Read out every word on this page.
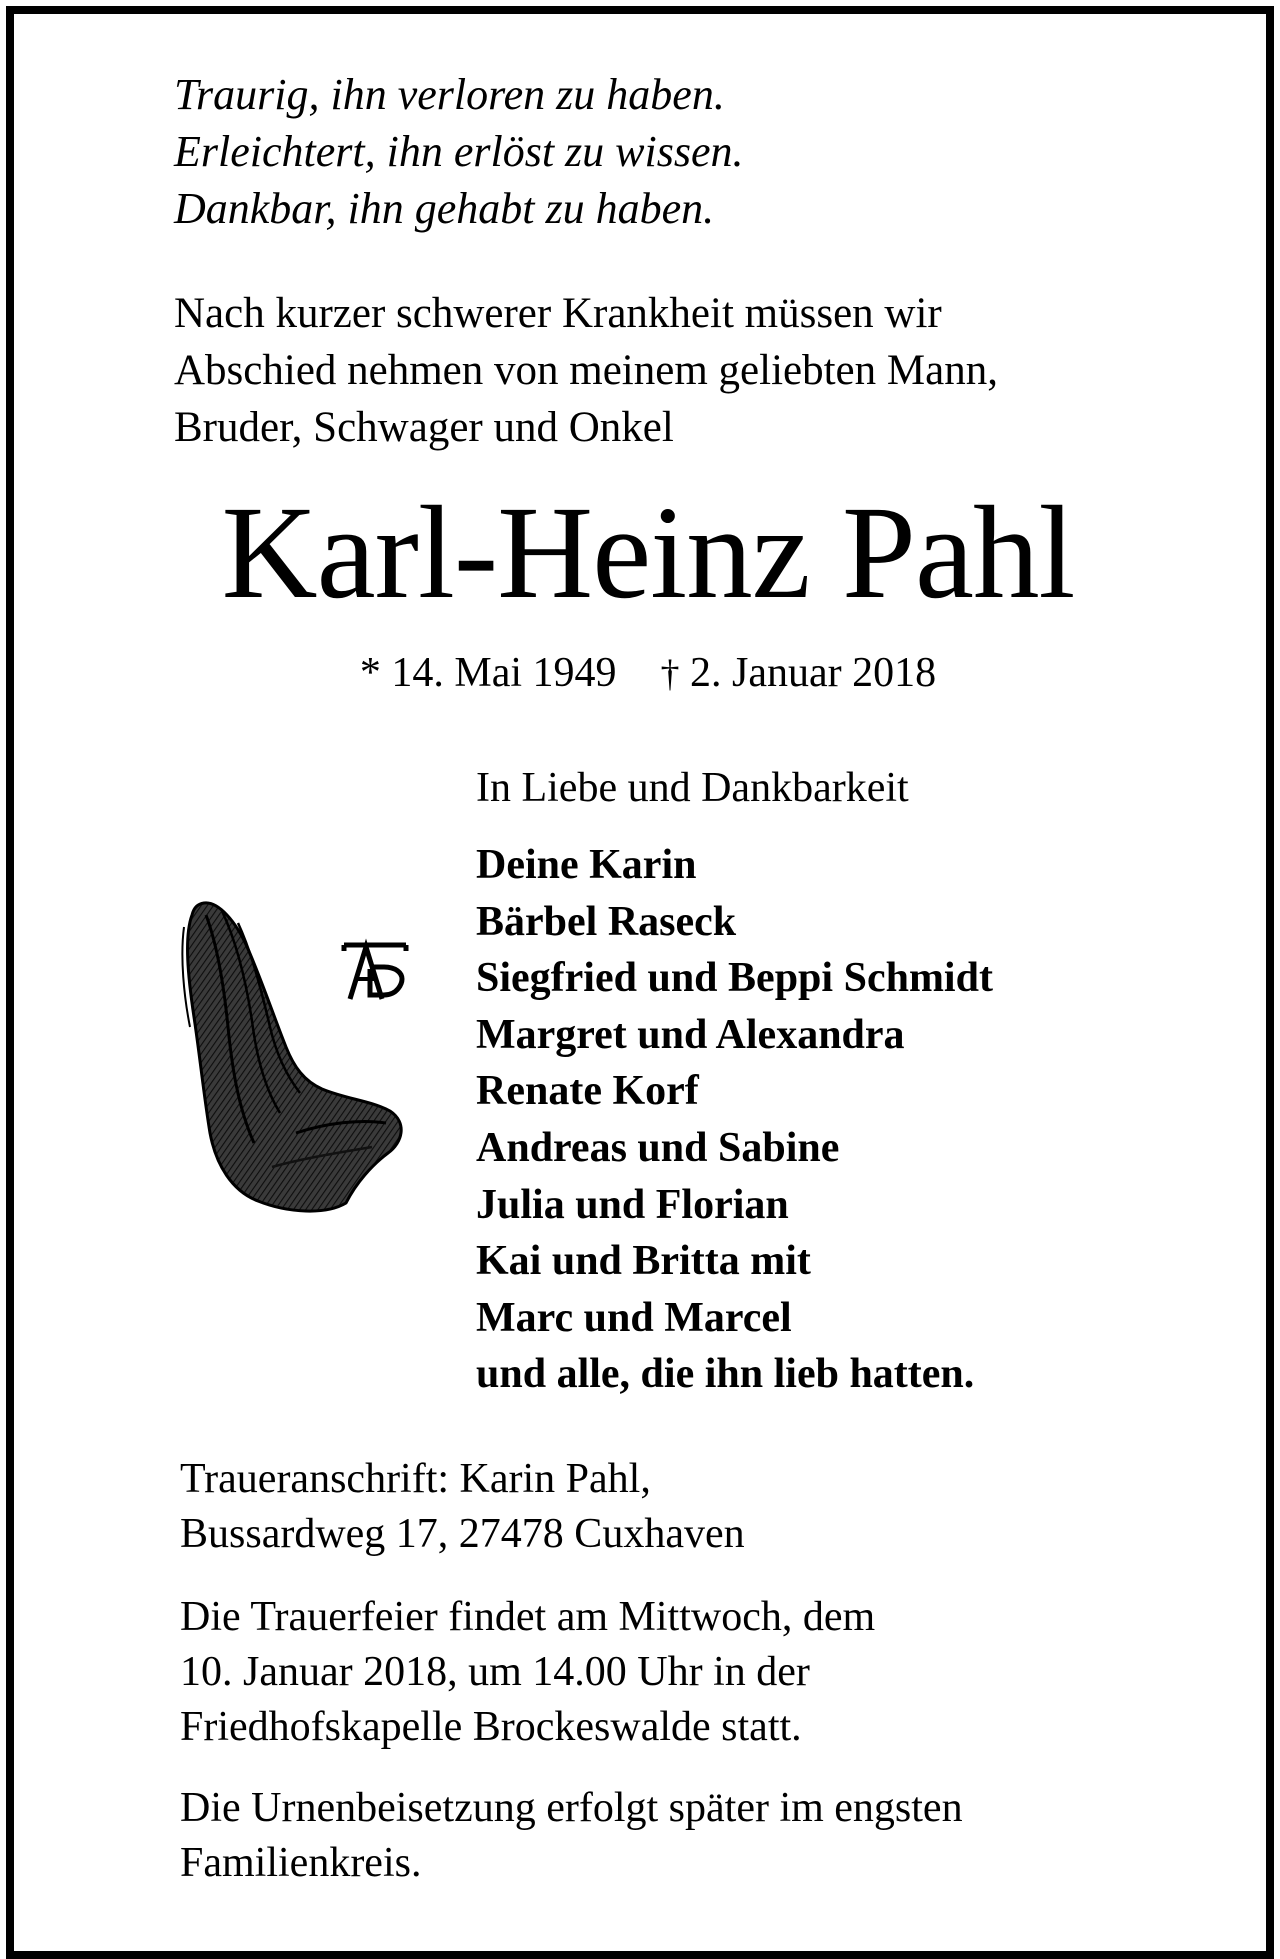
Traurig, ihn verloren zu haben.
Erleichtert, ihn erlöst zu wissen.
Dankbar, ihn gehabt zu haben.
Nach kurzer schwerer Krankheit müssen wir
Abschied nehmen von meinem geliebten Mann,
Bruder, Schwager und Onkel
Karl-Heinz Pahl
* 14. Mai 1949 † 2. Januar 2018
In Liebe und Dankbarkeit
Deine Karin
Bärbel Raseck
Siegfried und Beppi Schmidt
Margret und Alexandra
Renate Korf
Andreas und Sabine
Julia und Florian
Kai und Britta mit
Marc und Marcel
und alle, die ihn lieb hatten.
Traueranschrift: Karin Pahl,
Bussardweg 17, 27478 Cuxhaven
Die Trauerfeier findet am Mittwoch, dem
10. Januar 2018, um 14.00 Uhr in der
Friedhofskapelle Brockeswalde statt.
Die Urnenbeisetzung erfolgt später im engsten
Familienkreis.
